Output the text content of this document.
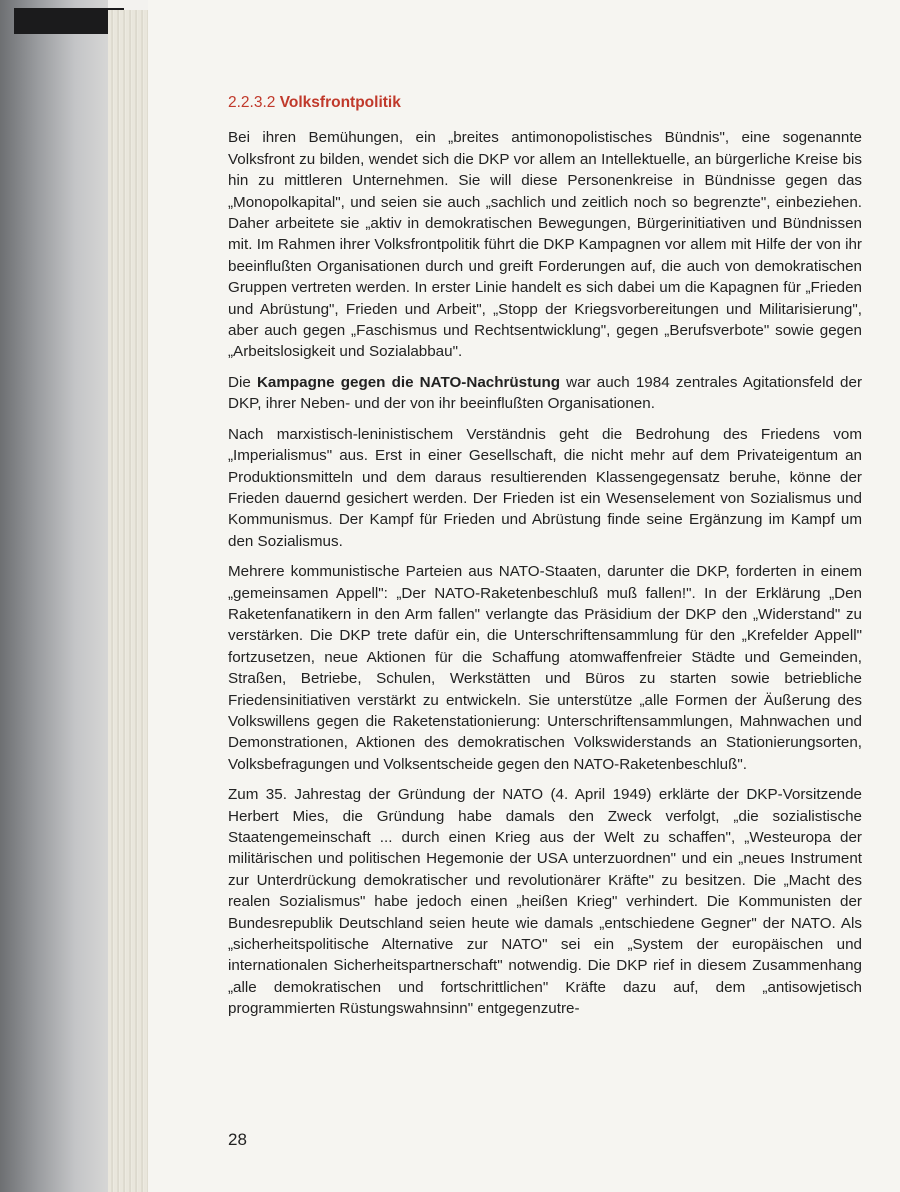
2.2.3.2 Volksfrontpolitik

Bei ihren Bemühungen, ein „breites antimonopolistisches Bündnis", eine sogenannte Volksfront zu bilden, wendet sich die DKP vor allem an Intellektuelle, an bürgerliche Kreise bis hin zu mittleren Unternehmen. Sie will diese Personenkreise in Bündnisse gegen das „Monopolkapital", und seien sie auch „sachlich und zeitlich noch so begrenzte", einbeziehen. Daher arbeitete sie „aktiv in demokratischen Bewegungen, Bürgerinitiativen und Bündnissen mit. Im Rahmen ihrer Volksfrontpolitik führt die DKP Kampagnen vor allem mit Hilfe der von ihr beeinflußten Organisationen durch und greift Forderungen auf, die auch von demokratischen Gruppen vertreten werden. In erster Linie handelt es sich dabei um die Kapagnen für „Frieden und Abrüstung", Frieden und Arbeit", „Stopp der Kriegsvorbereitungen und Militarisierung", aber auch gegen „Faschismus und Rechtsentwicklung", gegen „Berufsverbote" sowie gegen „Arbeitslosigkeit und Sozialabbau".

Die Kampagne gegen die NATO-Nachrüstung war auch 1984 zentrales Agitationsfeld der DKP, ihrer Neben- und der von ihr beeinflußten Organisationen.

Nach marxistisch-leninistischem Verständnis geht die Bedrohung des Friedens vom „Imperialismus" aus. Erst in einer Gesellschaft, die nicht mehr auf dem Privateigentum an Produktionsmitteln und dem daraus resultierenden Klassengegensatz beruhe, könne der Frieden dauernd gesichert werden. Der Frieden ist ein Wesenselement von Sozialismus und Kommunismus. Der Kampf für Frieden und Abrüstung finde seine Ergänzung im Kampf um den Sozialismus.

Mehrere kommunistische Parteien aus NATO-Staaten, darunter die DKP, forderten in einem „gemeinsamen Appell": „Der NATO-Raketenbeschluß muß fallen!". In der Erklärung „Den Raketenfanatikern in den Arm fallen" verlangte das Präsidium der DKP den „Widerstand" zu verstärken. Die DKP trete dafür ein, die Unterschriftensammlung für den „Krefelder Appell" fortzusetzen, neue Aktionen für die Schaffung atomwaffenfreier Städte und Gemeinden, Straßen, Betriebe, Schulen, Werkstätten und Büros zu starten sowie betriebliche Friedensinitiativen verstärkt zu entwickeln. Sie unterstütze „alle Formen der Äußerung des Volkswillens gegen die Raketenstationierung: Unterschriftensammlungen, Mahnwachen und Demonstrationen, Aktionen des demokratischen Volkswiderstands an Stationierungsorten, Volksbefragungen und Volksentscheide gegen den NATO-Raketenbeschluß".

Zum 35. Jahrestag der Gründung der NATO (4. April 1949) erklärte der DKP-Vorsitzende Herbert Mies, die Gründung habe damals den Zweck verfolgt, „die sozialistische Staatengemeinschaft ... durch einen Krieg aus der Welt zu schaffen", „Westeuropa der militärischen und politischen Hegemonie der USA unterzuordnen" und ein „neues Instrument zur Unterdrückung demokratischer und revolutionärer Kräfte" zu besitzen. Die „Macht des realen Sozialismus" habe jedoch einen „heißen Krieg" verhindert. Die Kommunisten der Bundesrepublik Deutschland seien heute wie damals „entschiedene Gegner" der NATO. Als „sicherheitspolitische Alternative zur NATO" sei ein „System der europäischen und internationalen Sicherheitspartnerschaft" notwendig. Die DKP rief in diesem Zusammenhang „alle demokratischen und fortschrittlichen" Kräfte dazu auf, dem „antisowjetisch programmierten Rüstungswahnsinn" entgegenzutre-

28
